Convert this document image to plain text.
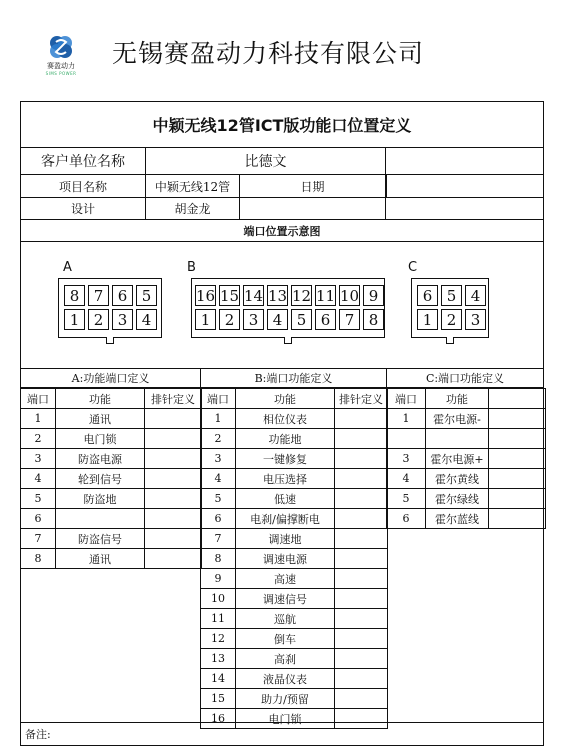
赛盈动力
SIMS POWER
无锡赛盈动力科技有限公司
中颖无线12管ICT版功能口位置定义
客户单位名称	比德文
项目名称	中颖无线12管	日期
设计	胡金龙
端口位置示意图
A
8 7 6 5
1 2 3 4
B
16 15 14 13 12 11 10 9
1 2 3 4 5 6 7 8
C
6 5 4
1 2 3
A:功能端口定义	B:端口功能定义	C:端口功能定义
端口	功能	排针定义
1	通讯	
2	电门锁	
3	防盗电源	
4	轮到信号	
5	防盗地	
6		
7	防盗信号	
8	通讯	
端口	功能	排针定义
1	相位仪表	
2	功能地	
3	一键修复	
4	电压选择	
5	低速	
6	电刹/偏撑断电	
7	调速地	
8	调速电源	
9	高速	
10	调速信号	
11	巡航	
12	倒车	
13	高刹	
14	液晶仪表	
15	助力/预留	
16	电门锁	
端口	功能	
1	霍尔电源-	

3	霍尔电源+	
4	霍尔黄线	
5	霍尔绿线	
6	霍尔蓝线	
备注:
